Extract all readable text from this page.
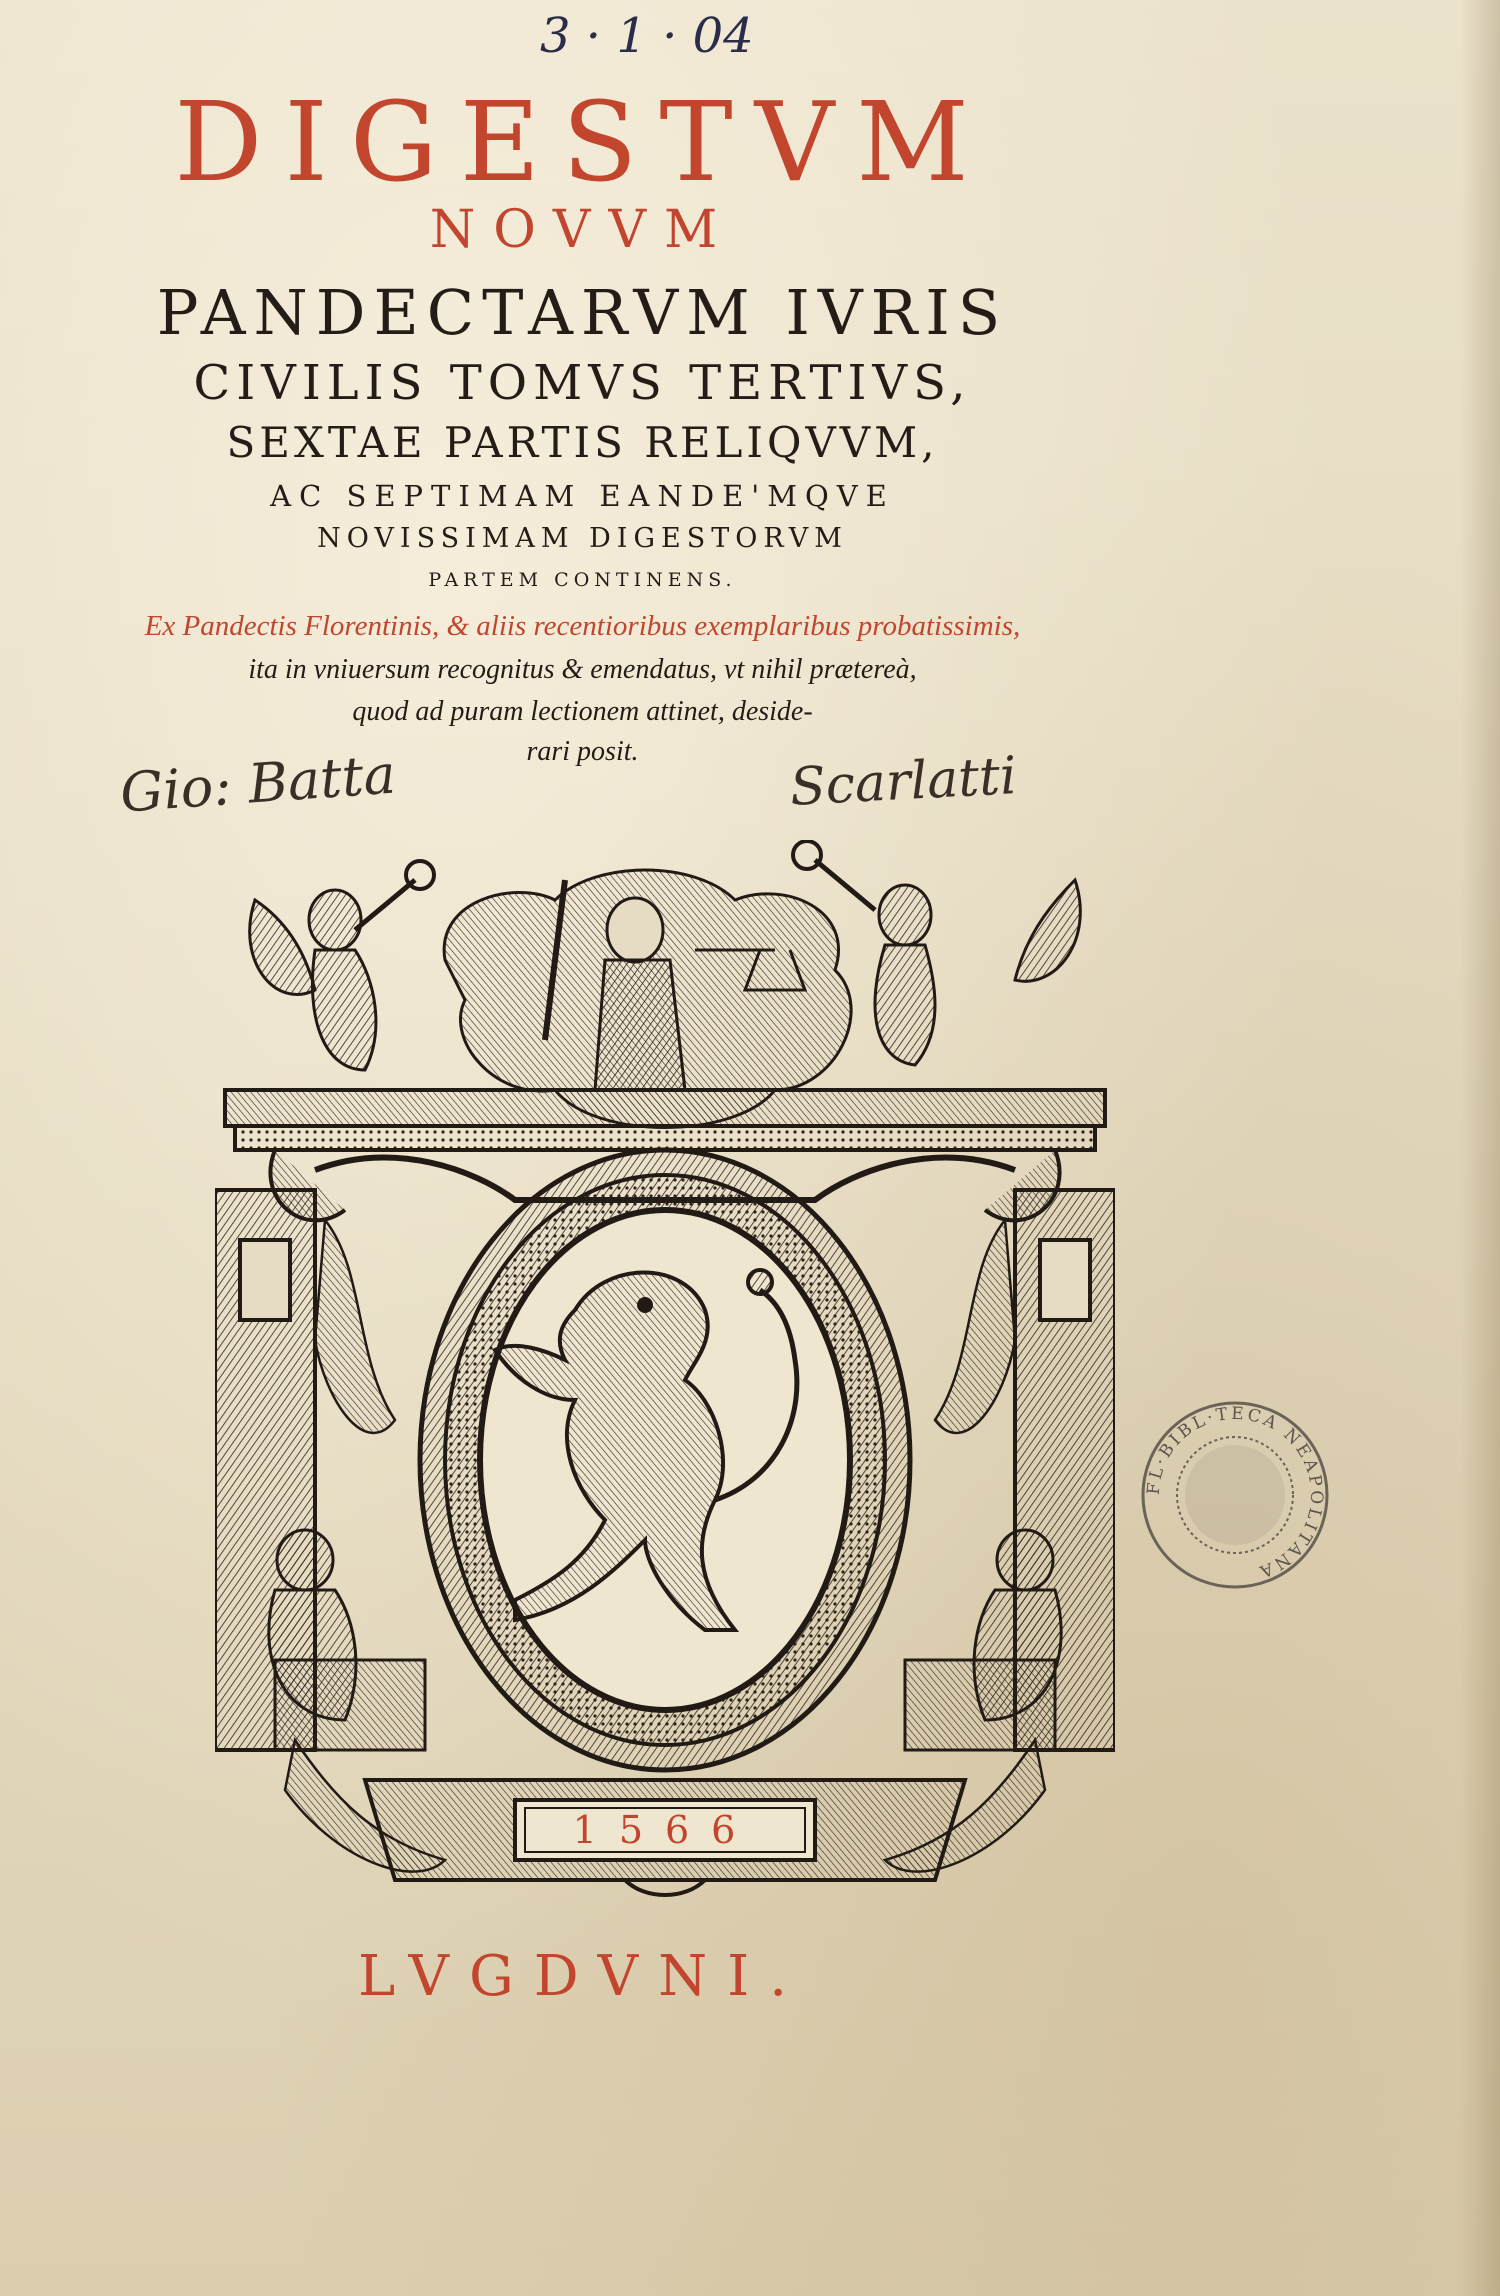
3 · 1 · 04
DIGESTVM
NOVVM
PANDECTARVM IVRIS
CIVILIS TOMVS TERTIVS,
SEXTAE PARTIS RELIQVVM,
AC SEPTIMAM EANDE'MQVE
NOVISSIMAM DIGESTORVM
PARTEM CONTINENS.
Ex Pandectis Florentinis, & aliis recentioribus exemplaribus probatissimis,
ita in vniuersum recognitus & emendatus, vt nihil prætereà,
quod ad puram lectionem attinet, deside-
rari posit.
Gio: Batta	Scarlatti
1566
FL·BIBL·TECA NEAPOLITANA
LVGDVNI.
